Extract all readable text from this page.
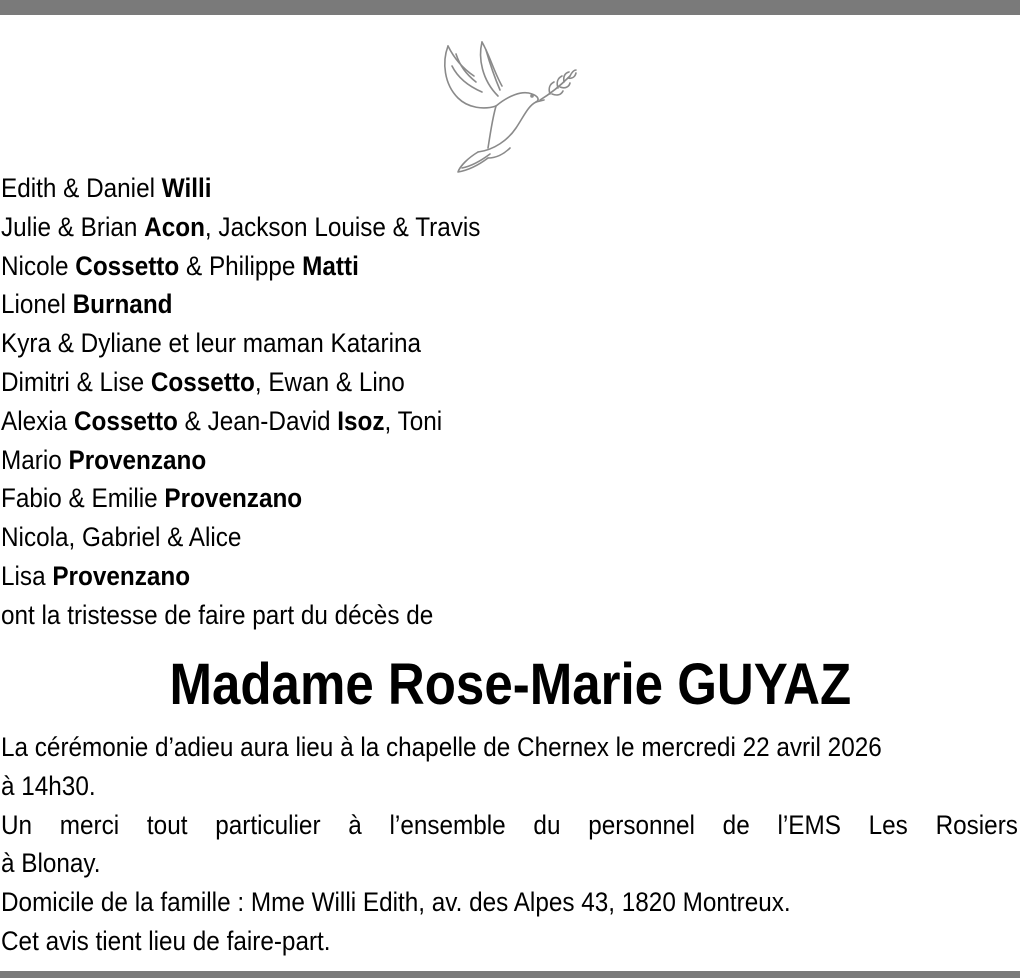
Edith & Daniel Willi
Julie & Brian Acon, Jackson Louise & Travis
Nicole Cossetto & Philippe Matti
Lionel Burnand
Kyra & Dyliane et leur maman Katarina
Dimitri & Lise Cossetto, Ewan & Lino
Alexia Cossetto & Jean-David Isoz, Toni
Mario Provenzano
Fabio & Emilie Provenzano
Nicola, Gabriel & Alice
Lisa Provenzano
ont la tristesse de faire part du décès de
Madame Rose-Marie GUYAZ
La cérémonie d’adieu aura lieu à la chapelle de Chernex le mercredi 22 avril 2026
à 14h30.
Un merci tout particulier à l’ensemble du personnel de l’EMS Les Rosiers
à Blonay.
Domicile de la famille : Mme Willi Edith, av. des Alpes 43, 1820 Montreux.
Cet avis tient lieu de faire-part.
